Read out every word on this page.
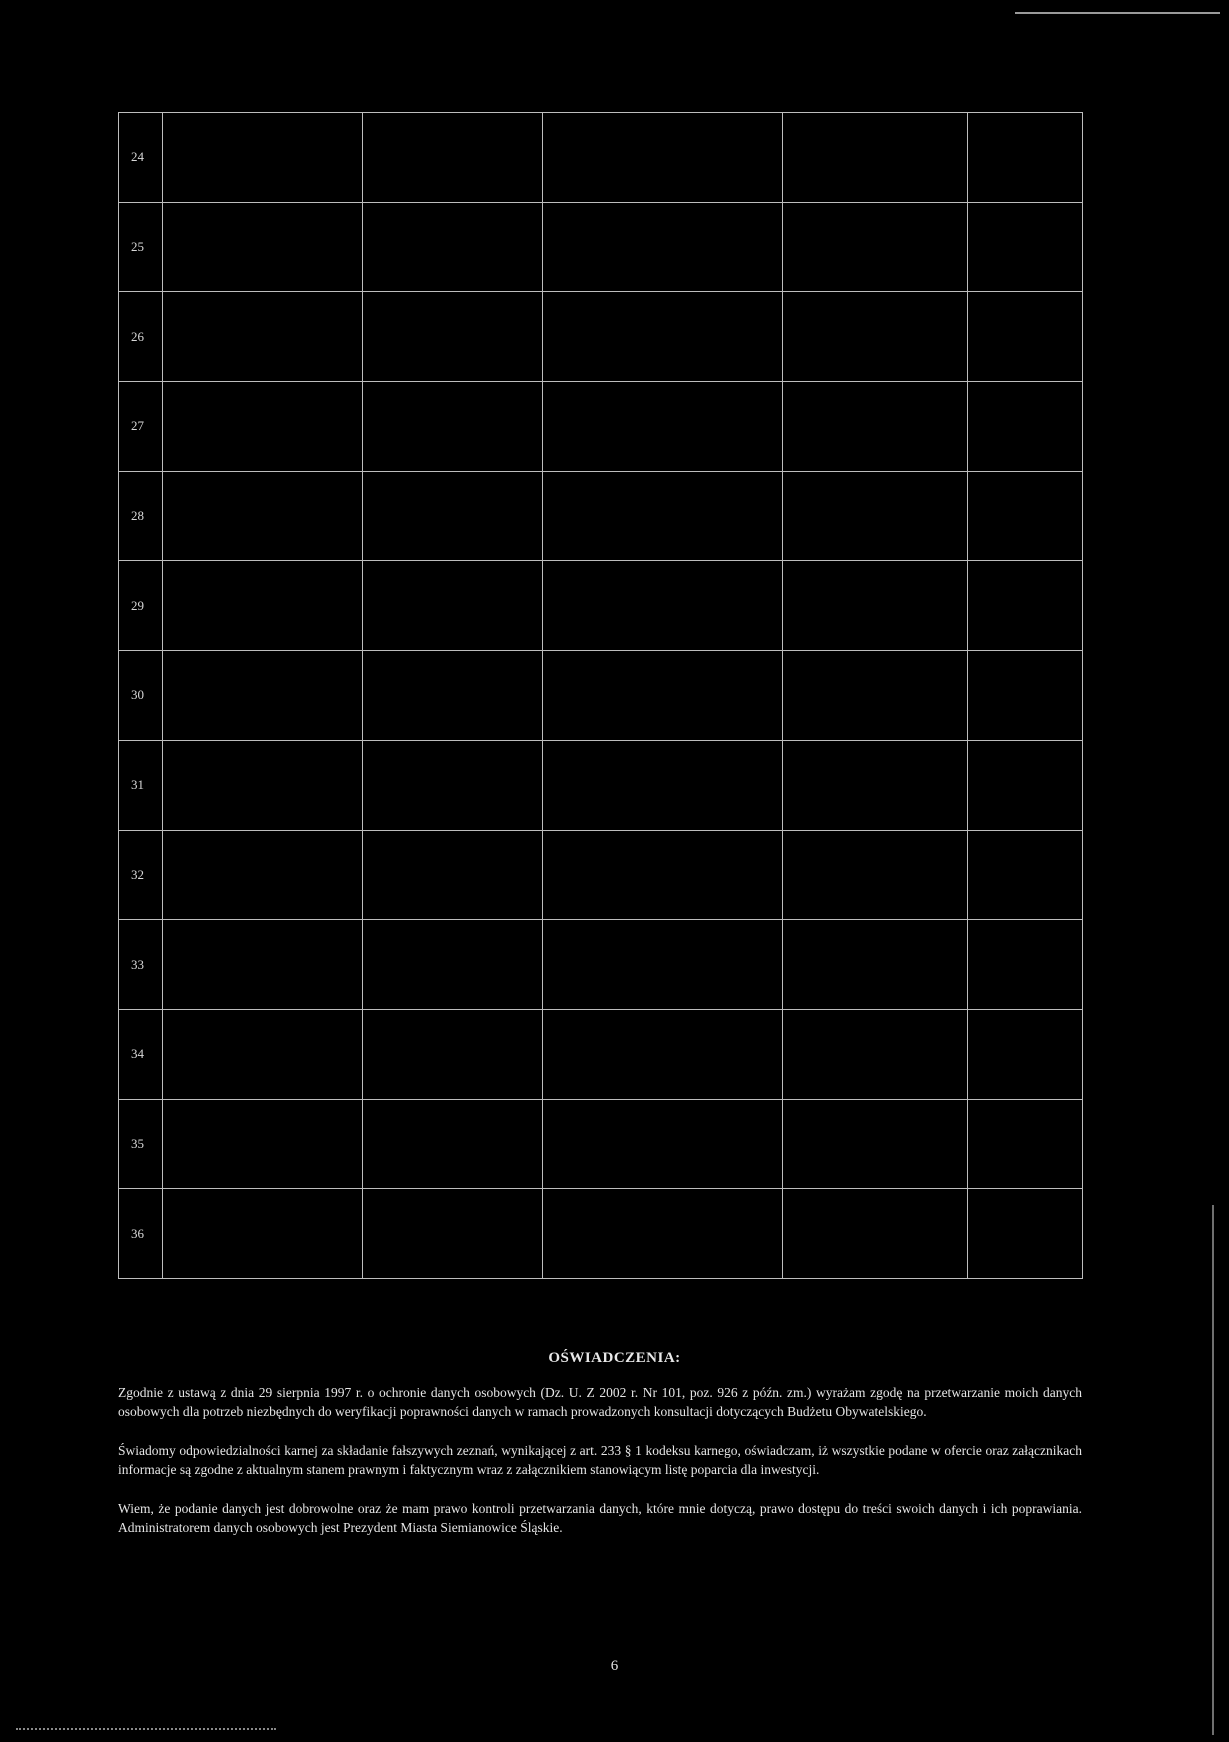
24					
25					
26					
27					
28					
29					
30					
31					
32					
33					
34					
35					
36					
OŚWIADCZENIA:

Zgodnie z ustawą z dnia 29 sierpnia 1997 r. o ochronie danych osobowych (Dz. U. Z 2002 r. Nr 101, poz. 926 z późn. zm.) wyrażam zgodę na przetwarzanie moich danych osobowych dla potrzeb niezbędnych do weryfikacji poprawności danych w ramach prowadzonych konsultacji dotyczących Budżetu Obywatelskiego.

Świadomy odpowiedzialności karnej za składanie fałszywych zeznań, wynikającej z art. 233 § 1 kodeksu karnego, oświadczam, iż wszystkie podane w ofercie oraz załącznikach informacje są zgodne z aktualnym stanem prawnym i faktycznym wraz z załącznikiem stanowiącym listę poparcia dla inwestycji.

Wiem, że podanie danych jest dobrowolne oraz że mam prawo kontroli przetwarzania danych, które mnie dotyczą, prawo dostępu do treści swoich danych i ich poprawiania. Administratorem danych osobowych jest Prezydent Miasta Siemianowice Śląskie.

6
